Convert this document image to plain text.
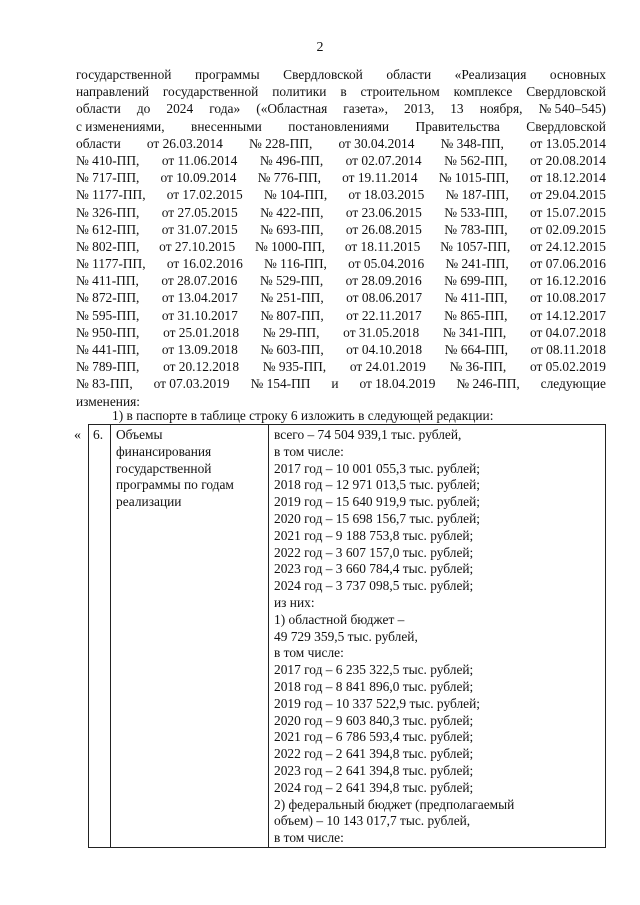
2
государственной программы Свердловской области «Реализация основных
направлений государственной политики в строительном комплексе Свердловской
области до 2024 года» («Областная газета», 2013, 13 ноября, № 540–545)
с изменениями, внесенными постановлениями Правительства Свердловской
области от 26.03.2014 № 228-ПП, от 30.04.2014 № 348-ПП, от 13.05.2014
№ 410-ПП, от 11.06.2014 № 496-ПП, от 02.07.2014 № 562-ПП, от 20.08.2014
№ 717-ПП, от 10.09.2014 № 776-ПП, от 19.11.2014 № 1015-ПП, от 18.12.2014
№ 1177-ПП, от 17.02.2015 № 104-ПП, от 18.03.2015 № 187-ПП, от 29.04.2015
№ 326-ПП, от 27.05.2015 № 422-ПП, от 23.06.2015 № 533-ПП, от 15.07.2015
№ 612-ПП, от 31.07.2015 № 693-ПП, от 26.08.2015 № 783-ПП, от 02.09.2015
№ 802-ПП, от 27.10.2015 № 1000-ПП, от 18.11.2015 № 1057-ПП, от 24.12.2015
№ 1177-ПП, от 16.02.2016 № 116-ПП, от 05.04.2016 № 241-ПП, от 07.06.2016
№ 411-ПП, от 28.07.2016 № 529-ПП, от 28.09.2016 № 699-ПП, от 16.12.2016
№ 872-ПП, от 13.04.2017 № 251-ПП, от 08.06.2017 № 411-ПП, от 10.08.2017
№ 595-ПП, от 31.10.2017 № 807-ПП, от 22.11.2017 № 865-ПП, от 14.12.2017
№ 950-ПП, от 25.01.2018 № 29-ПП, от 31.05.2018 № 341-ПП, от 04.07.2018
№ 441-ПП, от 13.09.2018 № 603-ПП, от 04.10.2018 № 664-ПП, от 08.11.2018
№ 789-ПП, от 20.12.2018 № 935-ПП, от 24.01.2019 № 36-ПП, от 05.02.2019
№ 83-ПП, от 07.03.2019 № 154-ПП и от 18.04.2019 № 246-ПП, следующие
изменения:
1) в паспорте в таблице строку 6 изложить в следующей редакции:
« 6.	Объемы
финансирования
государственной
программы по годам
реализации

всего – 74 504 939,1 тыс. рублей,
в том числе:
2017 год – 10 001 055,3 тыс. рублей;
2018 год – 12 971 013,5 тыс. рублей;
2019 год – 15 640 919,9 тыс. рублей;
2020 год – 15 698 156,7 тыс. рублей;
2021 год – 9 188 753,8 тыс. рублей;
2022 год – 3 607 157,0 тыс. рублей;
2023 год – 3 660 784,4 тыс. рублей;
2024 год – 3 737 098,5 тыс. рублей;
из них:
1) областной бюджет –
49 729 359,5 тыс. рублей,
в том числе:
2017 год – 6 235 322,5 тыс. рублей;
2018 год – 8 841 896,0 тыс. рублей;
2019 год – 10 337 522,9 тыс. рублей;
2020 год – 9 603 840,3 тыс. рублей;
2021 год – 6 786 593,4 тыс. рублей;
2022 год – 2 641 394,8 тыс. рублей;
2023 год – 2 641 394,8 тыс. рублей;
2024 год – 2 641 394,8 тыс. рублей;
2) федеральный бюджет (предполагаемый
объем) – 10 143 017,7 тыс. рублей,
в том числе:
